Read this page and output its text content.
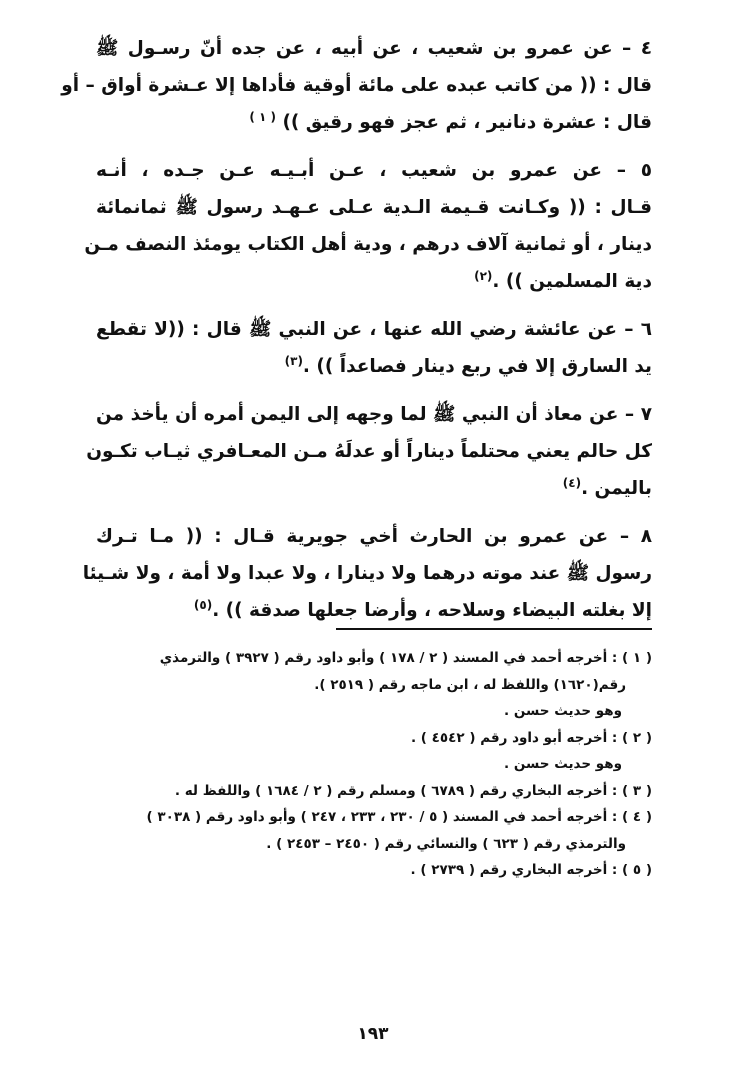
٤ – عن عمرو بن شعيب ، عن أبيه ، عن جده أنّ رسـول ﷺ
قال : (( من كاتب عبده على مائة أوقية فأداها إلا عـشرة أواق – أو
قال : عشرة دنانير ، ثم عجز فهو رقيق )) $^{( ١ )}$

٥ – عن عمرو بن شعيب ، عـن أبـيـه عـن جـده ، أنـه
قـال : (( وكـانت قـيمة الـدية عـلى عـهـد رسول ﷺ ثمانمائة
دينار ، أو ثمانية آلاف درهم ، ودية أهل الكتاب يومئذ النصف مـن
دية المسلمين )) .$^{(٢)}$

٦ – عن عائشة رضي الله عنها ، عن النبي ﷺ قال : ((لا تقطع
يد السارق إلا في ربع دينار فصاعداً )) .$^{(٣)}$

٧ – عن معاذ أن النبي ﷺ لما وجهه إلى اليمن أمره أن يأخذ من
كل حالم يعني محتلماً ديناراً أو عدلَهُ مـن المعـافري ثيـاب تكـون
باليمن .$^{(٤)}$

٨ – عن عمرو بن الحارث أخي جويرية قـال : (( مـا تـرك
رسول ﷺ عند موته درهما ولا دينارا ، ولا عبدا ولا أمة ، ولا شـيئا
إلا بغلته البيضاء وسلاحه ، وأرضا جعلها صدقة )) .$^{(٥)}$

( ١ ) : أخرجه أحمد في المسند ( ٢ / ١٧٨ ) وأبو داود رقم ( ٣٩٢٧ ) والترمذي
رقم(١٦٢٠) واللفظ له ، ابن ماجه رقم ( ٢٥١٩ ).
وهو حديث حسن .
( ٢ ) : أخرجه أبو داود رقم ( ٤٥٤٢ ) .
وهو حديث حسن .
( ٣ ) : أخرجه البخاري رقم ( ٦٧٨٩ ) ومسلم رقم ( ٢ / ١٦٨٤ ) واللفظ له .
( ٤ ) : أخرجه أحمد في المسند ( ٥ / ٢٣٠ ، ٢٣٣ ، ٢٤٧ ) وأبو داود رقم ( ٣٠٣٨ )
والترمذي رقم ( ٦٢٣ ) والنسائي رقم ( ٢٤٥٠ – ٢٤٥٣ ) .
( ٥ ) : أخرجه البخاري رقم ( ٢٧٣٩ ) .
١٩٣
